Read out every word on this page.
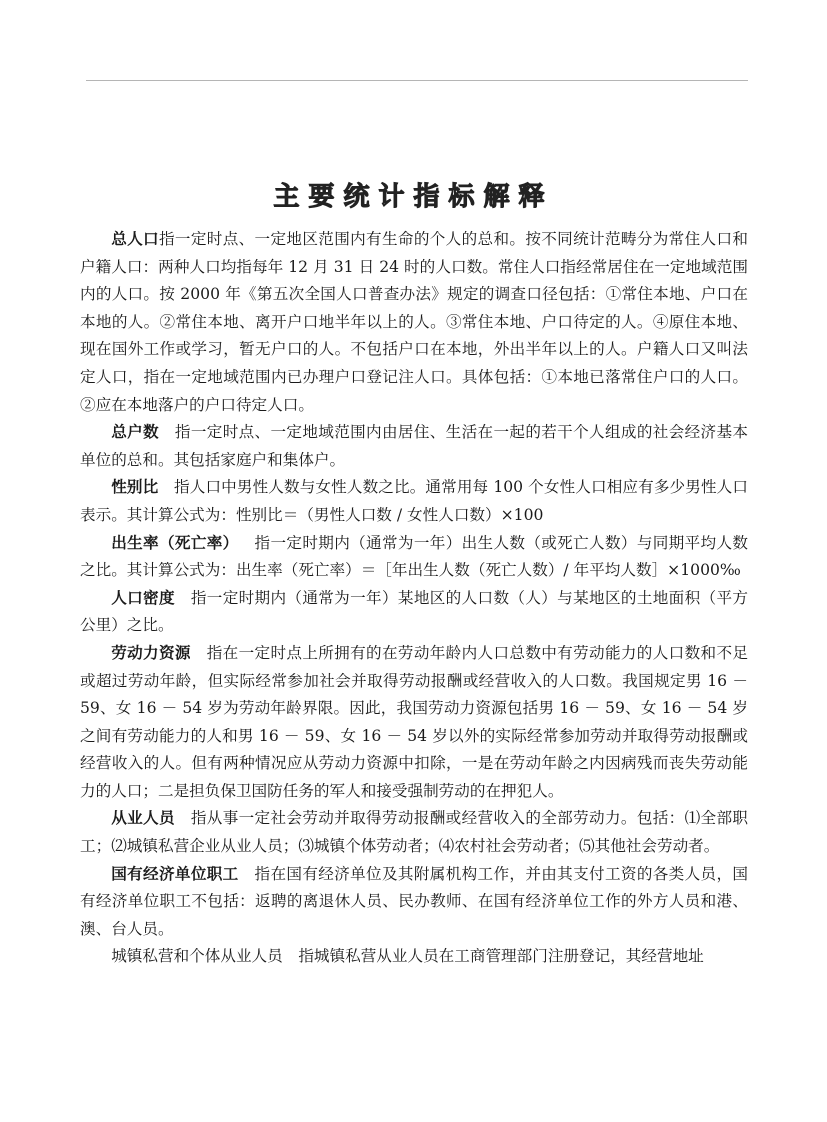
主要统计指标解释

总人口指一定时点、一定地区范围内有生命的个人的总和。按不同统计范畴分为常住人口和户籍人口：两种人口均指每年 12 月 31 日 24 时的人口数。常住人口指经常居住在一定地域范围内的人口。按 2000 年《第五次全国人口普查办法》规定的调查口径包括：①常住本地、户口在本地的人。②常住本地、离开户口地半年以上的人。③常住本地、户口待定的人。④原住本地、现在国外工作或学习，暂无户口的人。不包括户口在本地，外出半年以上的人。户籍人口又叫法定人口，指在一定地域范围内已办理户口登记注人口。具体包括：①本地已落常住户口的人口。②应在本地落户的户口待定人口。

总户数 指一定时点、一定地域范围内由居住、生活在一起的若干个人组成的社会经济基本单位的总和。其包括家庭户和集体户。

性别比 指人口中男性人数与女性人数之比。通常用每 100 个女性人口相应有多少男性人口表示。其计算公式为：性别比＝（男性人口数 / 女性人口数）×100

出生率（死亡率） 指一定时期内（通常为一年）出生人数（或死亡人数）与同期平均人数之比。其计算公式为：出生率（死亡率）＝［年出生人数（死亡人数）/ 年平均人数］×1000‰

人口密度 指一定时期内（通常为一年）某地区的人口数（人）与某地区的土地面积（平方公里）之比。

劳动力资源 指在一定时点上所拥有的在劳动年龄内人口总数中有劳动能力的人口数和不足或超过劳动年龄，但实际经常参加社会并取得劳动报酬或经营收入的人口数。我国规定男 16 － 59、女 16 － 54 岁为劳动年龄界限。因此，我国劳动力资源包括男 16 － 59、女 16 － 54 岁之间有劳动能力的人和男 16 － 59、女 16 － 54 岁以外的实际经常参加劳动并取得劳动报酬或经营收入的人。但有两种情况应从劳动力资源中扣除，一是在劳动年龄之内因病残而丧失劳动能力的人口；二是担负保卫国防任务的军人和接受强制劳动的在押犯人。

从业人员 指从事一定社会劳动并取得劳动报酬或经营收入的全部劳动力。包括：⑴全部职工；⑵城镇私营企业从业人员；⑶城镇个体劳动者；⑷农村社会劳动者；⑸其他社会劳动者。

国有经济单位职工 指在国有经济单位及其附属机构工作，并由其支付工资的各类人员，国有经济单位职工不包括：返聘的离退休人员、民办教师、在国有经济单位工作的外方人员和港、澳、台人员。

城镇私营和个体从业人员 指城镇私营从业人员在工商管理部门注册登记，其经营地址
